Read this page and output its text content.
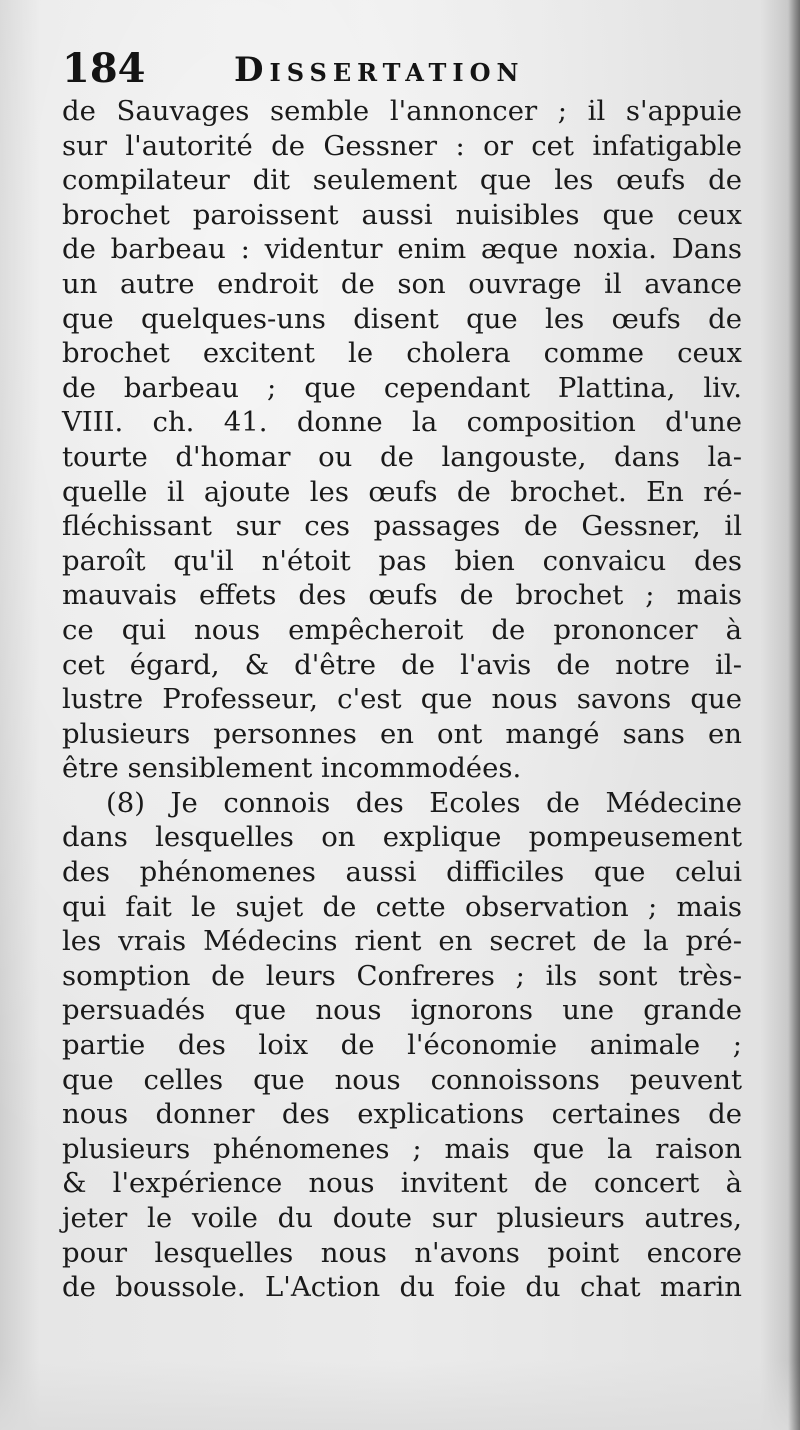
184	Dissertation
de Sauvages semble l'annoncer ; il s'appuie
sur l'autorité de Gessner : or cet infatigable
compilateur dit seulement que les œufs de
brochet paroissent aussi nuisibles que ceux
de barbeau : videntur enim æque noxia. Dans
un autre endroit de son ouvrage il avance
que quelques-uns disent que les œufs de
brochet excitent le cholera comme ceux
de barbeau ; que cependant Plattina, liv.
VIII. ch. 41. donne la composition d'une
tourte d'homar ou de langouste, dans la-
quelle il ajoute les œufs de brochet. En ré-
fléchissant sur ces passages de Gessner, il
paroît qu'il n'étoit pas bien convaicu des
mauvais effets des œufs de brochet ; mais
ce qui nous empêcheroit de prononcer à
cet égard, & d'être de l'avis de notre il-
lustre Professeur, c'est que nous savons que
plusieurs personnes en ont mangé sans en
être sensiblement incommodées.
(8) Je connois des Ecoles de Médecine
dans lesquelles on explique pompeusement
des phénomenes aussi difficiles que celui
qui fait le sujet de cette observation ; mais
les vrais Médecins rient en secret de la pré-
somption de leurs Confreres ; ils sont très-
persuadés que nous ignorons une grande
partie des loix de l'économie animale ;
que celles que nous connoissons peuvent
nous donner des explications certaines de
plusieurs phénomenes ; mais que la raison
& l'expérience nous invitent de concert à
jeter le voile du doute sur plusieurs autres,
pour lesquelles nous n'avons point encore
de boussole. L'Action du foie du chat marin
